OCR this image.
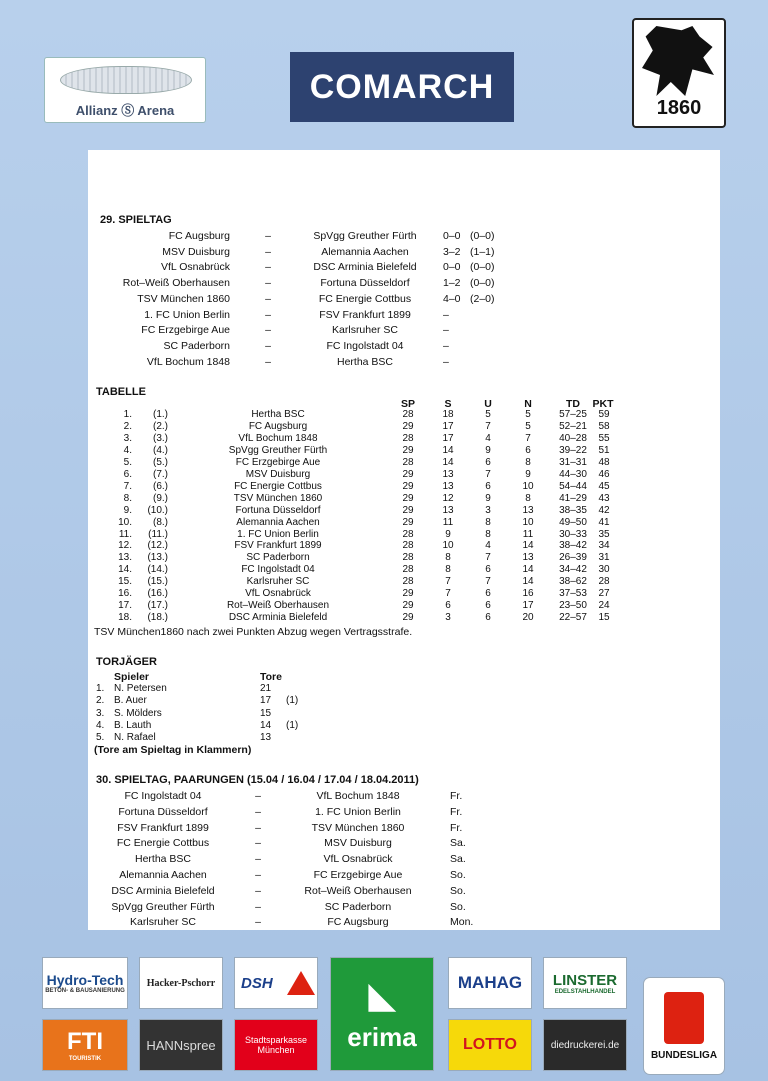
Allianz Ⓢ Arena
COMARCH
1860
29. SPIELTAG
FC Augsburg	–	SpVgg Greuther Fürth	0–0 (0–0)
MSV Duisburg	–	Alemannia Aachen	3–2 (1–1)
VfL Osnabrück	–	DSC Arminia Bielefeld	0–0 (0–0)
Rot–Weiß Oberhausen	–	Fortuna Düsseldorf	1–2 (0–0)
TSV München 1860	–	FC Energie Cottbus	4–0 (2–0)
1. FC Union Berlin	–	FSV Frankfurt 1899	–
FC Erzgebirge Aue	–	Karlsruher SC	–
SC Paderborn	–	FC Ingolstadt 04	–
VfL Bochum 1848	–	Hertha BSC	–
TABELLE
SP	S	U	N	TD	PKT
1.	(1.)	Hertha BSC	28	18	5	5	57–25	59
2.	(2.)	FC Augsburg	29	17	7	5	52–21	58
3.	(3.)	VfL Bochum 1848	28	17	4	7	40–28	55
4.	(4.)	SpVgg Greuther Fürth	29	14	9	6	39–22	51
5.	(5.)	FC Erzgebirge Aue	28	14	6	8	31–31	48
6.	(7.)	MSV Duisburg	29	13	7	9	44–30	46
7.	(6.)	FC Energie Cottbus	29	13	6	10	54–44	45
8.	(9.)	TSV München 1860	29	12	9	8	41–29	43
9.	(10.)	Fortuna Düsseldorf	29	13	3	13	38–35	42
10.	(8.)	Alemannia Aachen	29	11	8	10	49–50	41
11.	(11.)	1. FC Union Berlin	28	9	8	11	30–33	35
12.	(12.)	FSV Frankfurt 1899	28	10	4	14	38–42	34
13.	(13.)	SC Paderborn	28	8	7	13	26–39	31
14.	(14.)	FC Ingolstadt 04	28	8	6	14	34–42	30
15.	(15.)	Karlsruher SC	28	7	7	14	38–62	28
16.	(16.)	VfL Osnabrück	29	7	6	16	37–53	27
17.	(17.)	Rot–Weiß Oberhausen	29	6	6	17	23–50	24
18.	(18.)	DSC Arminia Bielefeld	29	3	6	20	22–57	15
TSV München1860 nach zwei Punkten Abzug wegen Vertragsstrafe.
TORJÄGER
Spieler	Tore
1. N. Petersen	21
2. B. Auer	17	(1)
3. S. Mölders	15
4. B. Lauth	14	(1)
5. N. Rafael	13
(Tore am Spieltag in Klammern)
30. SPIELTAG, PAARUNGEN (15.04 / 16.04 / 17.04 / 18.04.2011)
FC Ingolstadt 04	–	VfL Bochum 1848	Fr.
Fortuna Düsseldorf	–	1. FC Union Berlin	Fr.
FSV Frankfurt 1899	–	TSV München 1860	Fr.
FC Energie Cottbus	–	MSV Duisburg	Sa.
Hertha BSC	–	VfL Osnabrück	Sa.
Alemannia Aachen	–	FC Erzgebirge Aue	So.
DSC Arminia Bielefeld	–	Rot–Weiß Oberhausen	So.
SpVgg Greuther Fürth	–	SC Paderborn	So.
Karlsruher SC	–	FC Augsburg	Mon.
Hydro-Tech
BETON- & BAUSANIERUNG
Hacker-Pschorr	DSH	◣
erima
MAHAG	LINSTER
EDELSTAHLHANDEL
BUNDESLIGA
FTI
TOURISTIK
HANNspree	Stadtsparkasse
München	LOTTO	diedruckerei.de
